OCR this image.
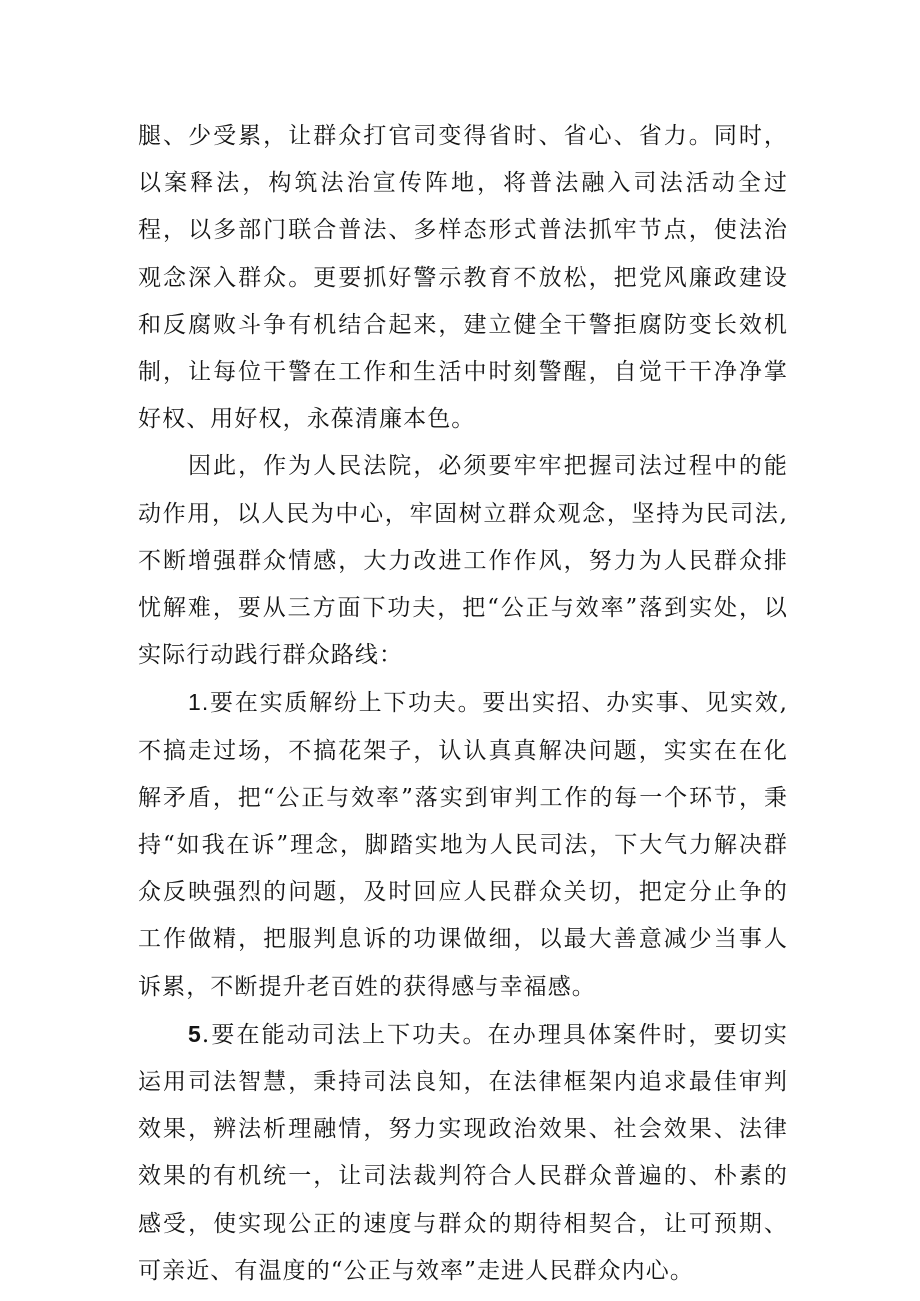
腿、少受累，让群众打官司变得省时、省心、省力。同时，以案释法，构筑法治宣传阵地，将普法融入司法活动全过程，以多部门联合普法、多样态形式普法抓牢节点，使法治观念深入群众。更要抓好警示教育不放松，把党风廉政建设和反腐败斗争有机结合起来，建立健全干警拒腐防变长效机制，让每位干警在工作和生活中时刻警醒，自觉干干净净掌好权、用好权，永葆清廉本色。

因此，作为人民法院，必须要牢牢把握司法过程中的能动作用，以人民为中心，牢固树立群众观念，坚持为民司法,不断增强群众情感，大力改进工作作风，努力为人民群众排忧解难，要从三方面下功夫，把“公正与效率”落到实处，以实际行动践行群众路线：

1.要在实质解纷上下功夫。要出实招、办实事、见实效,不搞走过场，不搞花架子，认认真真解决问题，实实在在化解矛盾，把“公正与效率”落实到审判工作的每一个环节，秉持“如我在诉”理念，脚踏实地为人民司法，下大气力解决群众反映强烈的问题，及时回应人民群众关切，把定分止争的工作做精，把服判息诉的功课做细，以最大善意减少当事人诉累，不断提升老百姓的获得感与幸福感。

5.要在能动司法上下功夫。在办理具体案件时，要切实运用司法智慧，秉持司法良知，在法律框架内追求最佳审判效果，辨法析理融情，努力实现政治效果、社会效果、法律效果的有机统一，让司法裁判符合人民群众普遍的、朴素的感受，使实现公正的速度与群众的期待相契合，让可预期、可亲近、有温度的“公正与效率”走进人民群众内心。
